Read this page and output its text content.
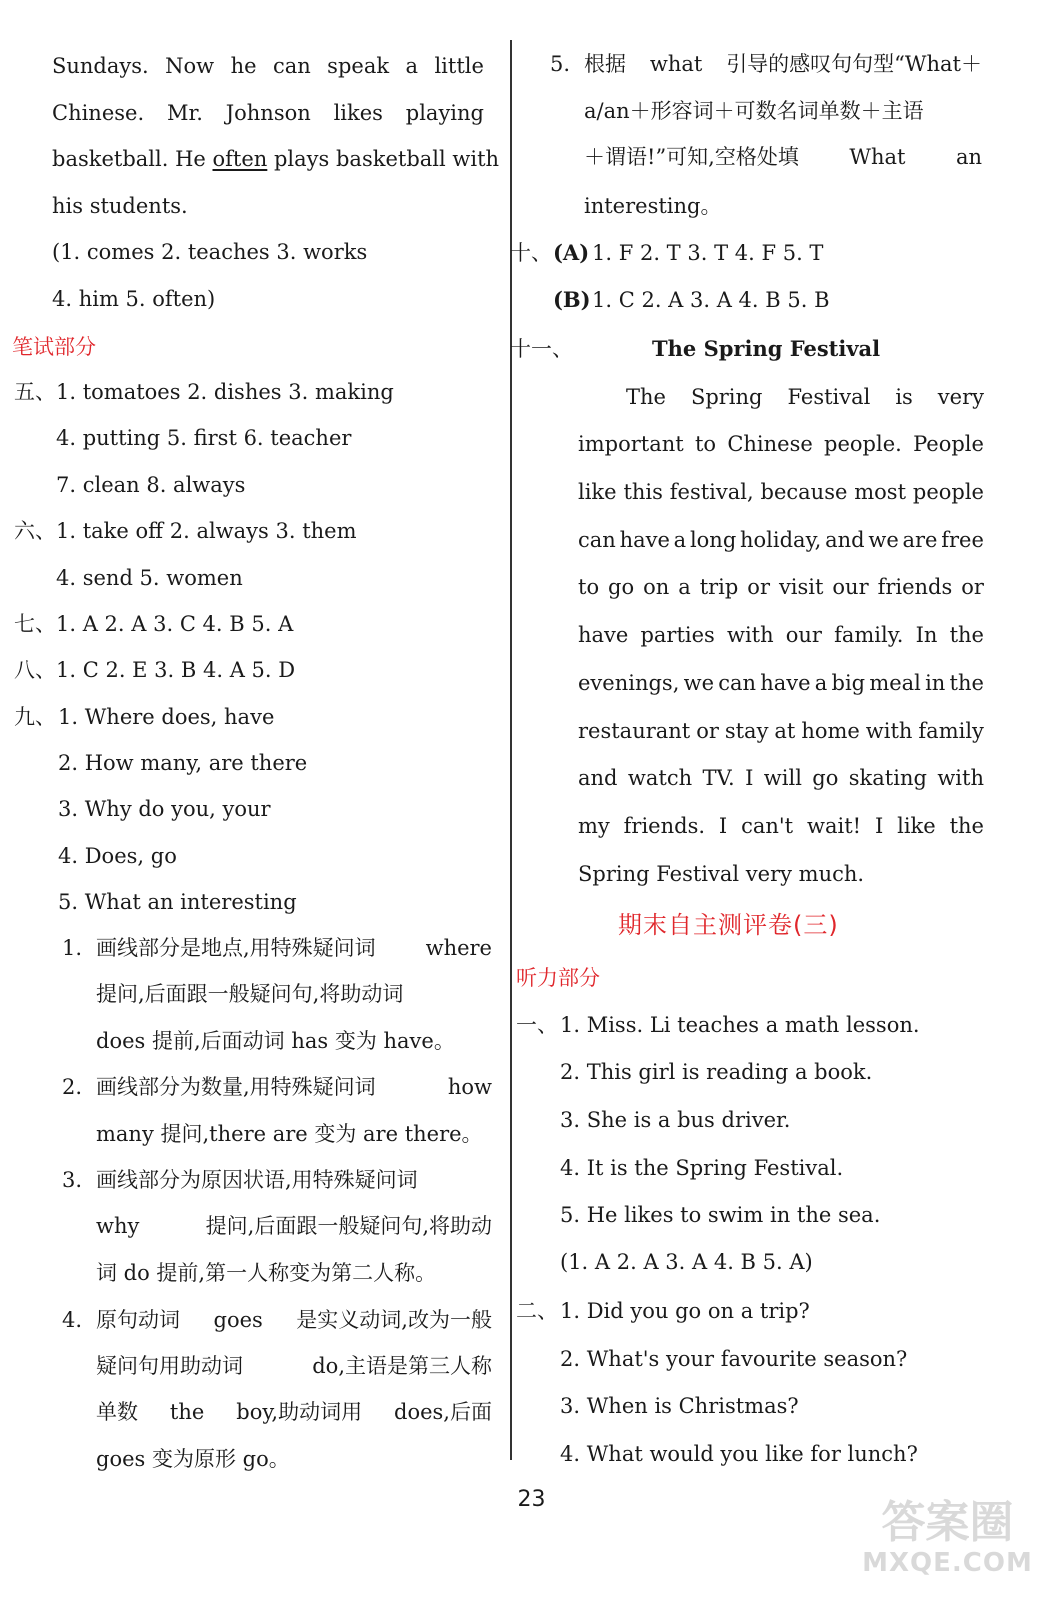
Sundays. Now he can speak a little
Chinese. Mr. Johnson likes playing
basketball. He often plays basketball with
his students.
(1. comes 2. teaches 3. works
4. him 5. often)
笔试部分
五、 1. tomatoes 2. dishes 3. making
4. putting 5. first 6. teacher
7. clean 8. always
六、 1. take off 2. always 3. them
4. send 5. women
七、 1. A 2. A 3. C 4. B 5. A
八、 1. C 2. E 3. B 4. A 5. D
九、 1. Where does, have
2. How many, are there
3. Why do you, your
4. Does, go
5. What an interesting
1. 画线部分是地点,用特殊疑问词 where
提问,后面跟一般疑问句,将助动词
does 提前,后面动词 has 变为 have。
2. 画线部分为数量,用特殊疑问词	how
many 提问,there are 变为 are there。
3. 画线部分为原因状语,用特殊疑问词
why	提问,后面跟一般疑问句,将助动
词 do 提前,第一人称变为第二人称。
4. 原句动词 goes 是实义动词,改为一般
疑问句用助动词	do,主语是第三人称
单数 the boy,助动词用 does,后面
goes 变为原形 go。
5. 根据 what 引导的感叹句句型“What＋
a/an＋形容词＋可数名词单数＋主语
＋谓语!”可知,空格处填 What an
interesting。
十、 (A) 1. F 2. T 3. T 4. F 5. T
(B) 1. C 2. A 3. A 4. B 5. B
十一、	The Spring Festival
The Spring Festival is very
important to Chinese people. People
like this festival, because most people
can have a long holiday, and we are free
to go on a trip or visit our friends or
have parties with our family. In the
evenings, we can have a big meal in the
restaurant or stay at home with family
and watch TV. I will go skating with
my friends. I can't wait! I like the
Spring Festival very much.
期末自主测评卷(三)
听力部分
一、 1. Miss. Li teaches a math lesson.
2. This girl is reading a book.
3. She is a bus driver.
4. It is the Spring Festival.
5. He likes to swim in the sea.
(1. A 2. A 3. A 4. B 5. A)
二、 1. Did you go on a trip?
2. What's your favourite season?
3. When is Christmas?
4. What would you like for lunch?
23	答案圈
MXQE.COM
